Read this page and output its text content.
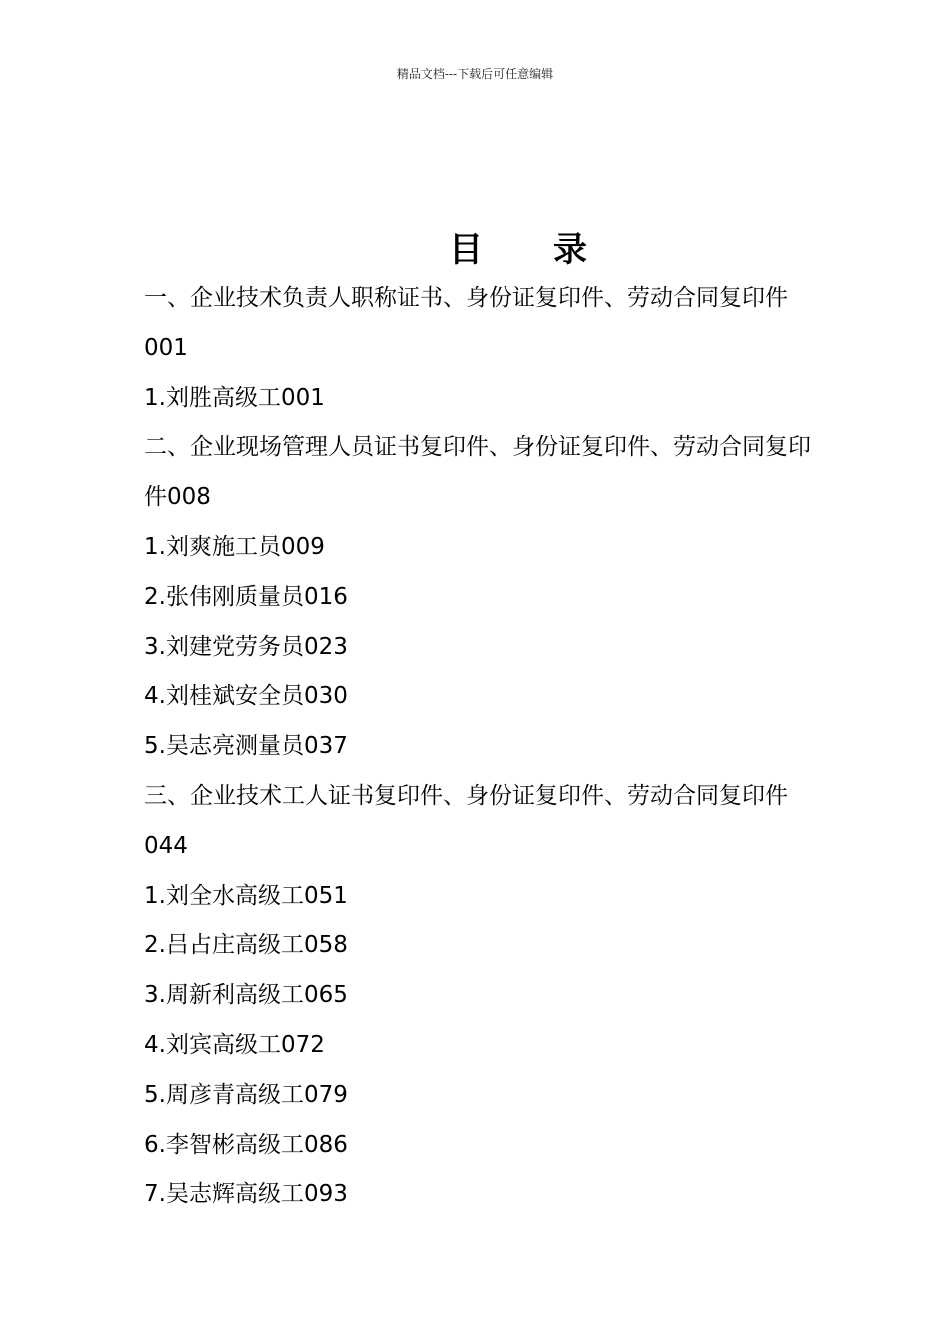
精品文档---下载后可任意编辑
目 录
一、企业技术负责人职称证书、身份证复印件、劳动合同复印件
001
1.刘胜高级工001
二、企业现场管理人员证书复印件、身份证复印件、劳动合同复印
件008
1.刘爽施工员009
2.张伟刚质量员016
3.刘建党劳务员023
4.刘桂斌安全员030
5.吴志亮测量员037
三、企业技术工人证书复印件、身份证复印件、劳动合同复印件
044
1.刘全水高级工051
2.吕占庄高级工058
3.周新利高级工065
4.刘宾高级工072
5.周彦青高级工079
6.李智彬高级工086
7.吴志辉高级工093
